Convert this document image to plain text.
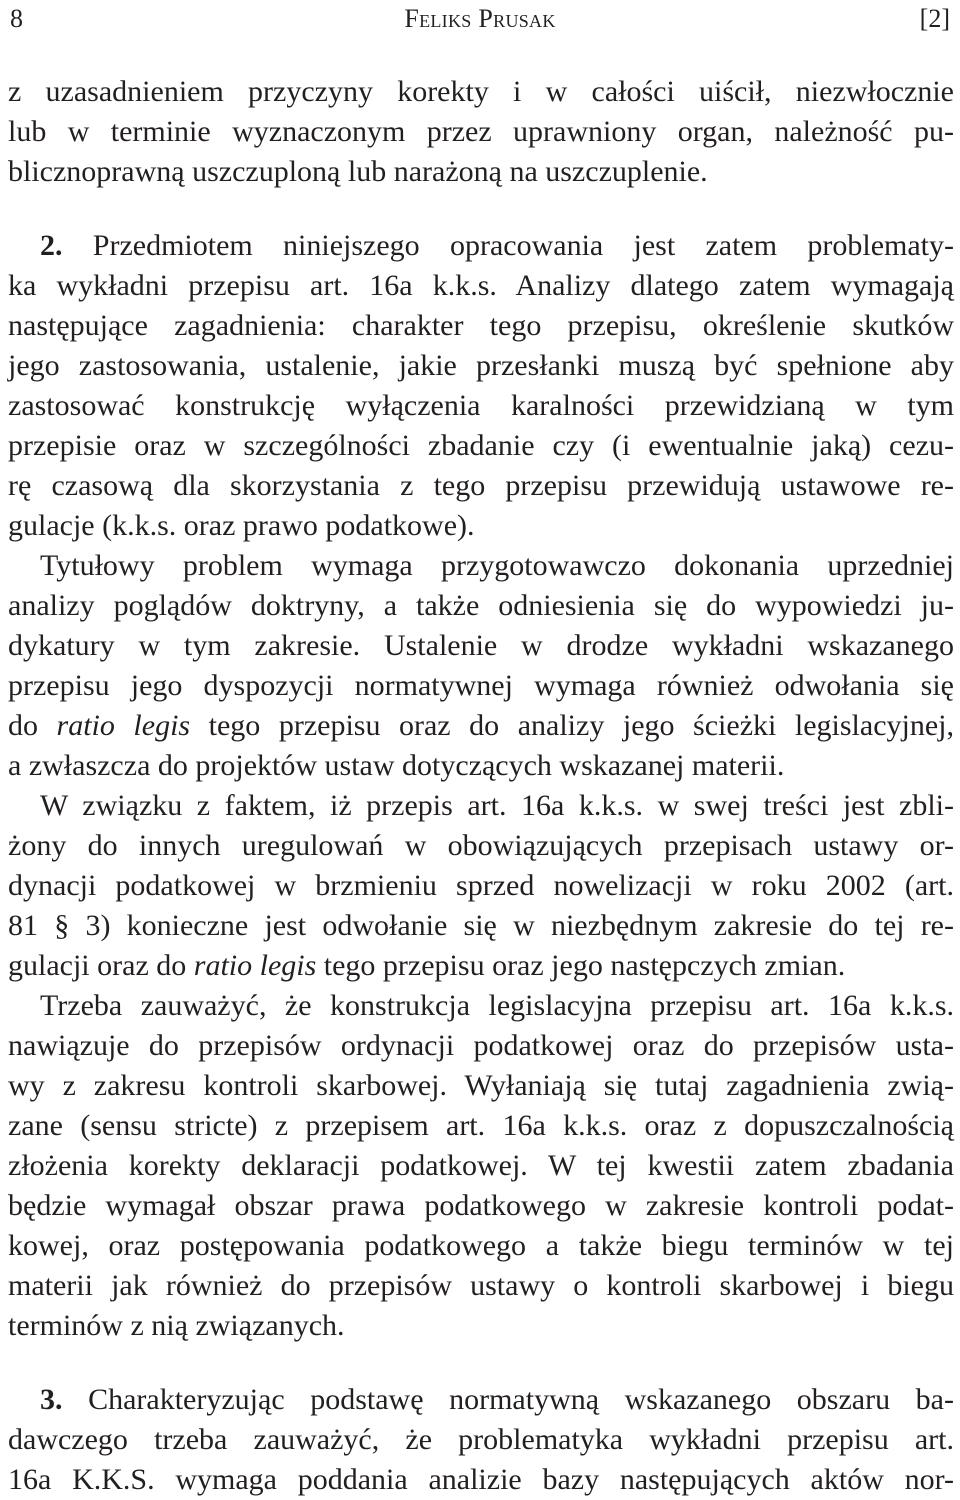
8	Feliks Prusak	[2]
z uzasadnieniem przyczyny korekty i w całości uiścił, niezwłocznie
lub w terminie wyznaczonym przez uprawniony organ, należność pu-
blicznoprawną uszczuploną lub narażoną na uszczuplenie.
2. Przedmiotem niniejszego opracowania jest zatem problematy-
ka wykładni przepisu art. 16a k.k.s. Analizy dlatego zatem wymagają
następujące zagadnienia: charakter tego przepisu, określenie skutków
jego zastosowania, ustalenie, jakie przesłanki muszą być spełnione aby
zastosować konstrukcję wyłączenia karalności przewidzianą w tym
przepisie oraz w szczególności zbadanie czy (i ewentualnie jaką) cezu-
rę czasową dla skorzystania z tego przepisu przewidują ustawowe re-
gulacje (k.k.s. oraz prawo podatkowe).
Tytułowy problem wymaga przygotowawczo dokonania uprzedniej
analizy poglądów doktryny, a także odniesienia się do wypowiedzi ju-
dykatury w tym zakresie. Ustalenie w drodze wykładni wskazanego
przepisu jego dyspozycji normatywnej wymaga również odwołania się
do ratio legis tego przepisu oraz do analizy jego ścieżki legislacyjnej,
a zwłaszcza do projektów ustaw dotyczących wskazanej materii.
W związku z faktem, iż przepis art. 16a k.k.s. w swej treści jest zbli-
żony do innych uregulowań w obowiązujących przepisach ustawy or-
dynacji podatkowej w brzmieniu sprzed nowelizacji w roku 2002 (art.
81 § 3) konieczne jest odwołanie się w niezbędnym zakresie do tej re-
gulacji oraz do ratio legis tego przepisu oraz jego następczych zmian.
Trzeba zauważyć, że konstrukcja legislacyjna przepisu art. 16a k.k.s.
nawiązuje do przepisów ordynacji podatkowej oraz do przepisów usta-
wy z zakresu kontroli skarbowej. Wyłaniają się tutaj zagadnienia zwią-
zane (sensu stricte) z przepisem art. 16a k.k.s. oraz z dopuszczalnością
złożenia korekty deklaracji podatkowej. W tej kwestii zatem zbadania
będzie wymagał obszar prawa podatkowego w zakresie kontroli podat-
kowej, oraz postępowania podatkowego a także biegu terminów w tej
materii jak również do przepisów ustawy o kontroli skarbowej i biegu
terminów z nią związanych.
3. Charakteryzując podstawę normatywną wskazanego obszaru ba-
dawczego trzeba zauważyć, że problematyka wykładni przepisu art.
16a K.K.S. wymaga poddania analizie bazy następujących aktów nor-
